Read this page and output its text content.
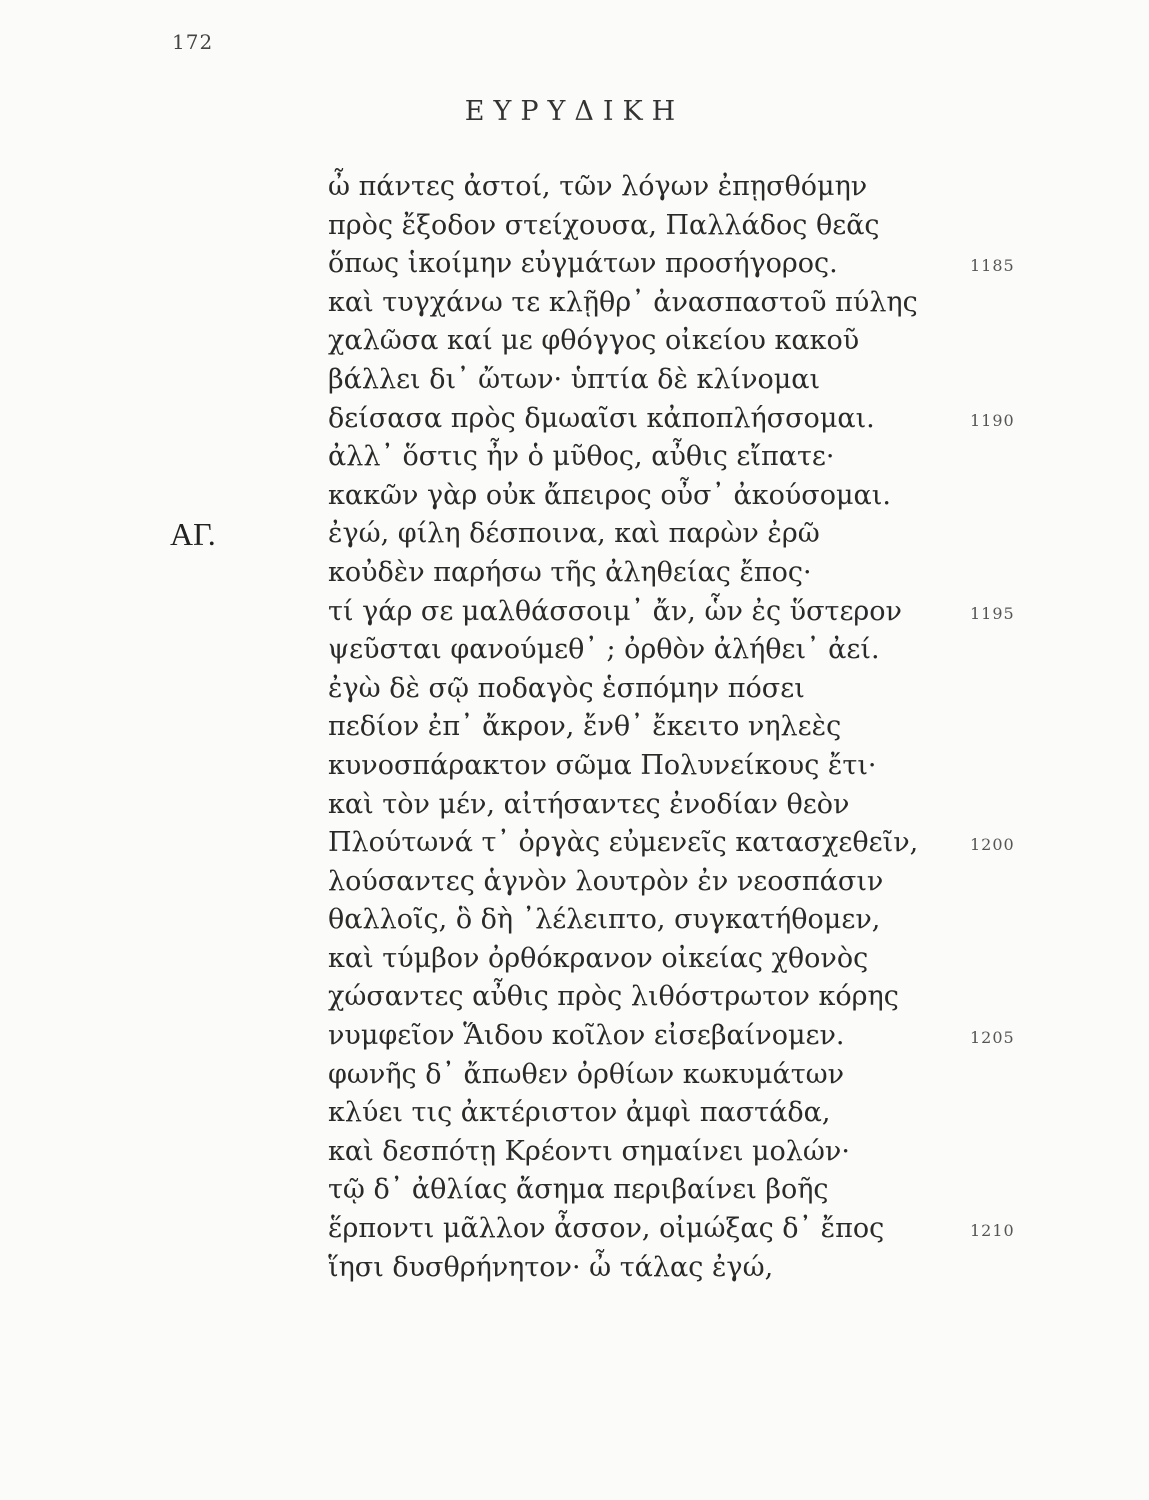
172
ΕΥΡΥΔΙΚΗ
ὦ πάντες ἀστοί, τῶν λόγων ἐπῃσθόμην
πρὸς ἔξοδον στείχουσα, Παλλάδος θεᾶς
ὅπως ἱκοίμην εὐγμάτων προσήγορος.	1185
καὶ τυγχάνω τε κλῇθρ᾽ ἀνασπαστοῦ πύλης
χαλῶσα καί με φθόγγος οἰκείου κακοῦ
βάλλει δι᾽ ὤτων· ὑπτία δὲ κλίνομαι
δείσασα πρὸς δμωαῖσι κἀποπλήσσομαι.	1190
ἀλλ᾽ ὅστις ἦν ὁ μῦθος, αὖθις εἴπατε·
κακῶν γὰρ οὐκ ἄπειρος οὖσ᾽ ἀκούσομαι.
ΑΓ.	ἐγώ, φίλη δέσποινα, καὶ παρὼν ἐρῶ
κοὐδὲν παρήσω τῆς ἀληθείας ἔπος·
τί γάρ σε μαλθάσσοιμ᾽ ἄν, ὧν ἐς ὕστερον	1195
ψεῦσται φανούμεθ᾽ ; ὀρθὸν ἀλήθει᾽ ἀεί.
ἐγὼ δὲ σῷ ποδαγὸς ἑσπόμην πόσει
πεδίον ἐπ᾽ ἄκρον, ἔνθ᾽ ἔκειτο νηλεὲς
κυνοσπάρακτον σῶμα Πολυνείκους ἔτι·
καὶ τὸν μέν, αἰτήσαντες ἐνοδίαν θεὸν
Πλούτωνά τ᾽ ὀργὰς εὐμενεῖς κατασχεθεῖν,	1200
λούσαντες ἁγνὸν λουτρὸν ἐν νεοσπάσιν
θαλλοῖς, ὃ δὴ ᾽λέλειπτο, συγκατήθομεν,
καὶ τύμβον ὀρθόκρανον οἰκείας χθονὸς
χώσαντες αὖθις πρὸς λιθόστρωτον κόρης
νυμφεῖον Ἅιδου κοῖλον εἰσεβαίνομεν.	1205
φωνῆς δ᾽ ἄπωθεν ὀρθίων κωκυμάτων
κλύει τις ἀκτέριστον ἀμφὶ παστάδα,
καὶ δεσπότῃ Κρέοντι σημαίνει μολών·
τῷ δ᾽ ἀθλίας ἄσημα περιβαίνει βοῆς
ἕρποντι μᾶλλον ἆσσον, οἰμώξας δ᾽ ἔπος	1210
ἵησι δυσθρήνητον· ὦ τάλας ἐγώ,
